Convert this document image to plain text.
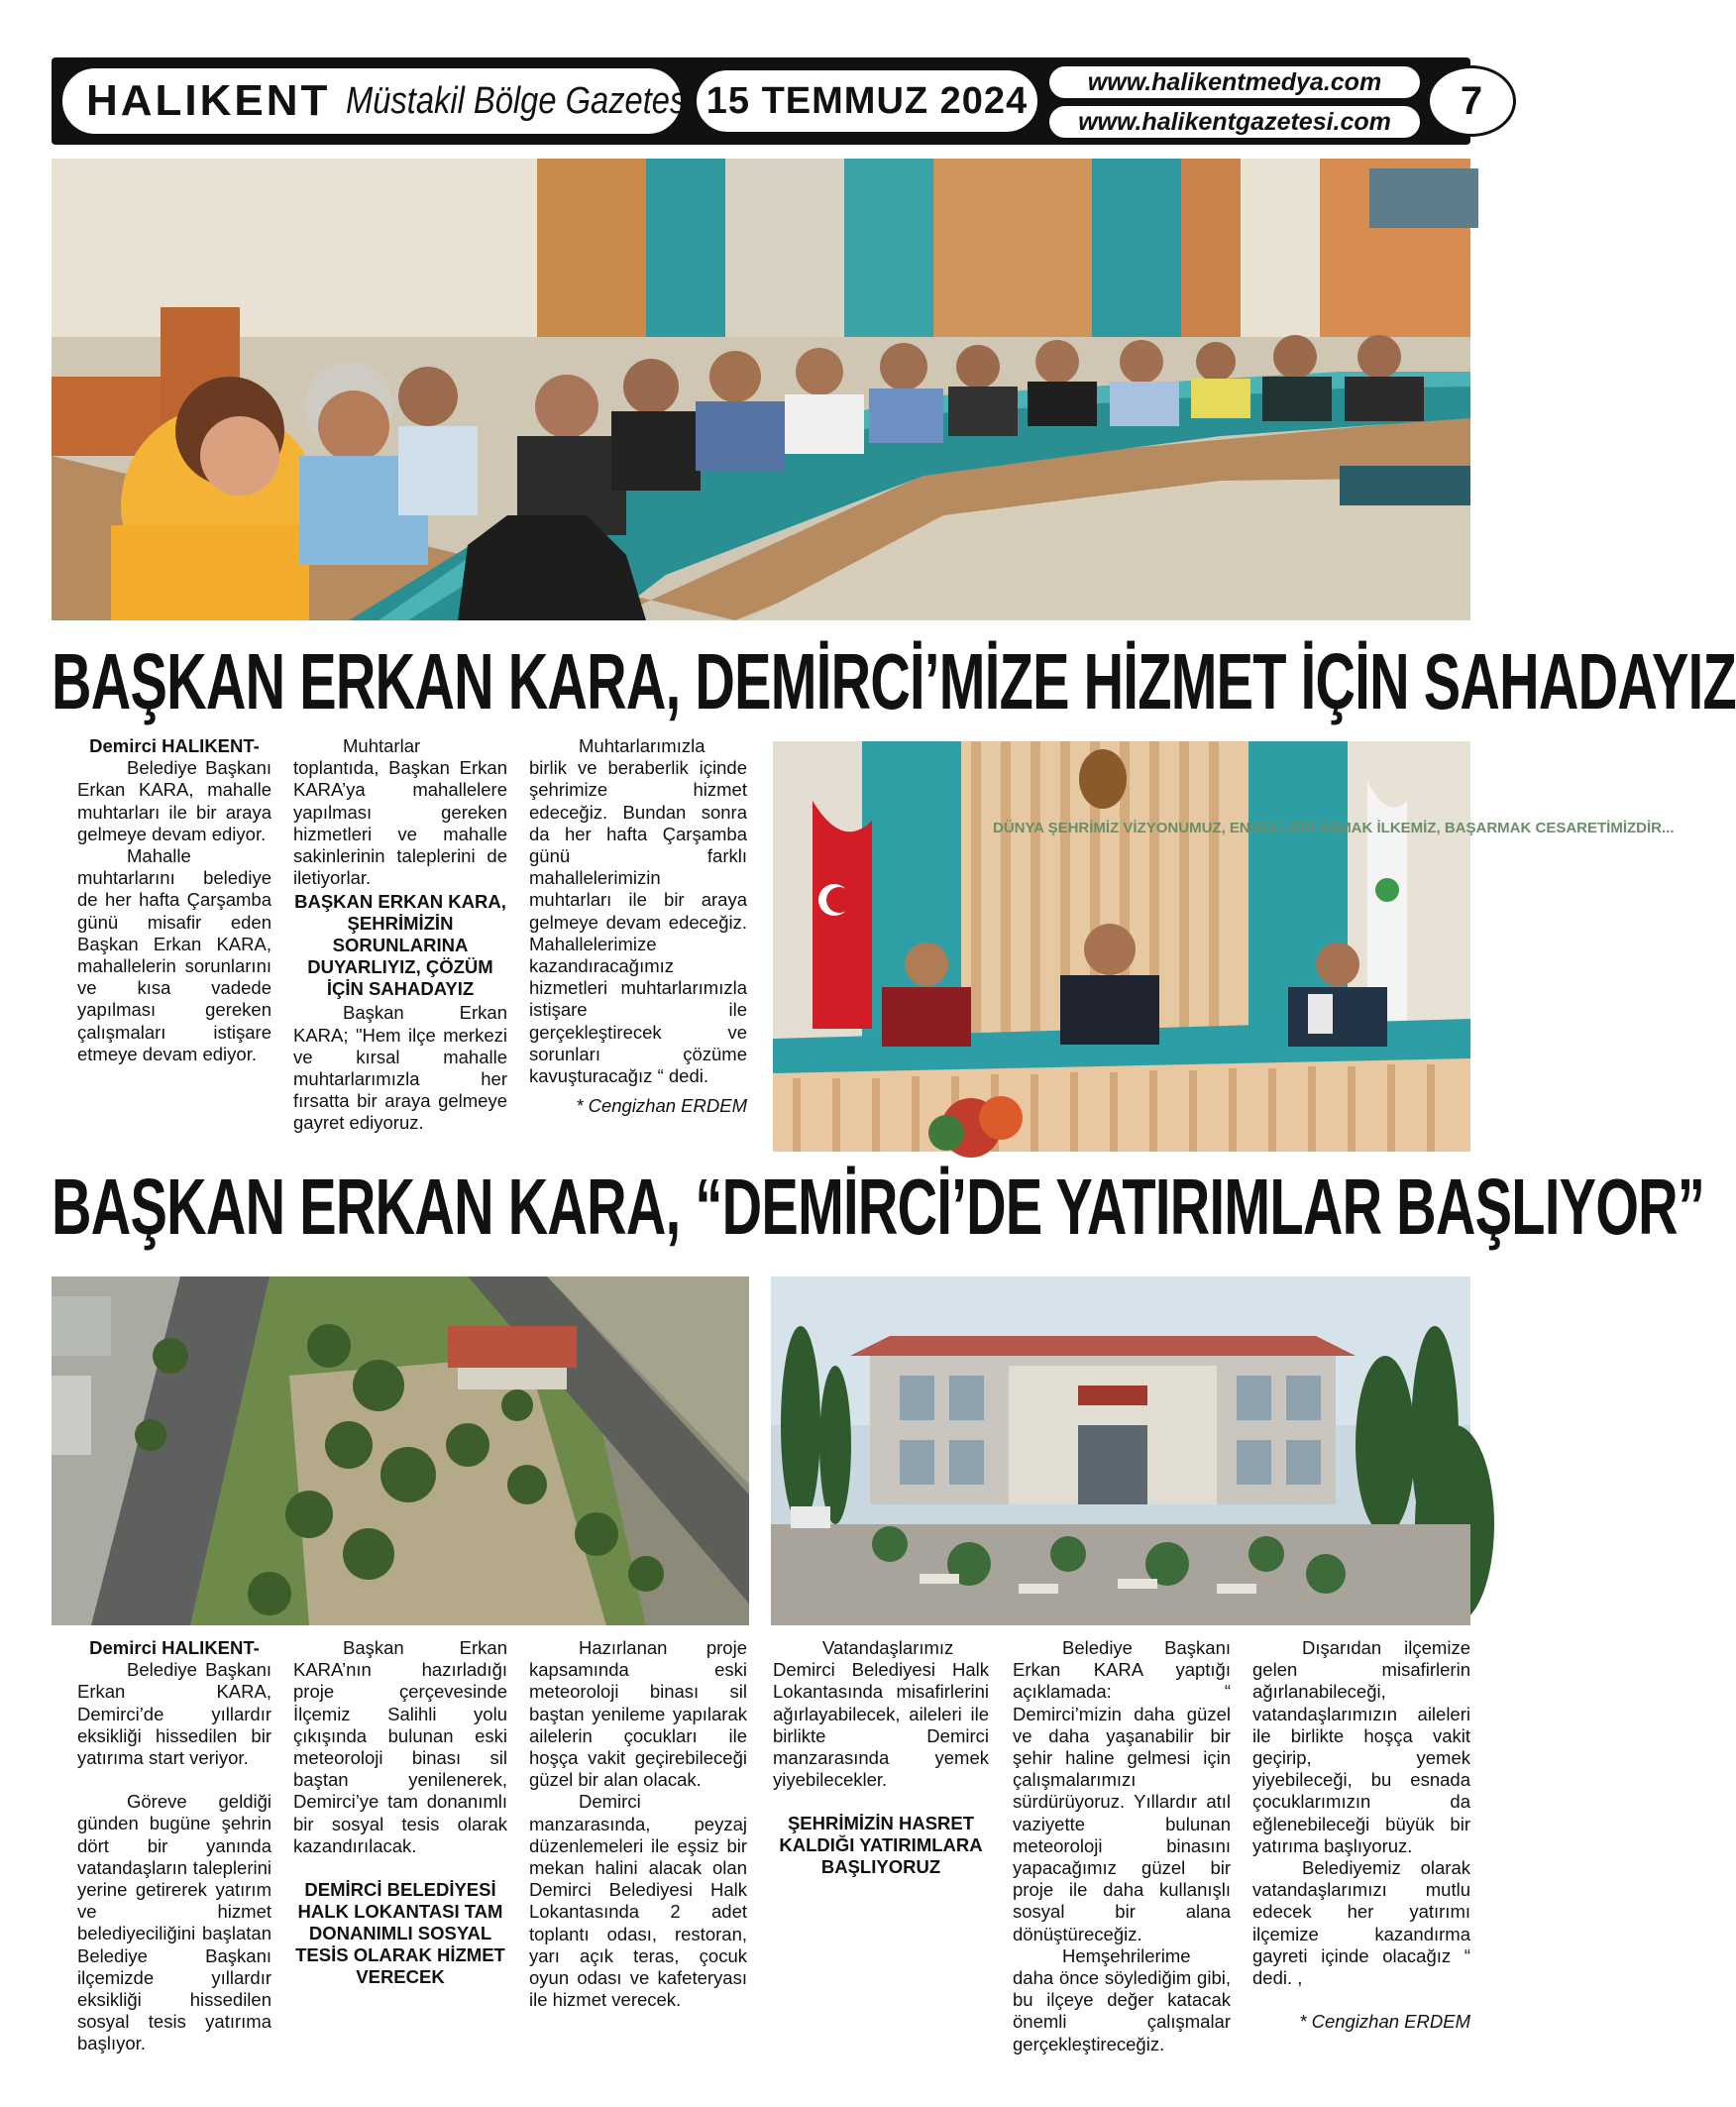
HALIKENT Müstakil Bölge Gazetesi 15 TEMMUZ 2024	www.halikentmedya.com
www.halikentgazetesi.com	7
BAŞKAN ERKAN KARA, DEMİRCİ’MİZE HİZMET İÇİN SAHADAYIZ

Demirci HALIKENT-

Belediye Başkanı Erkan KARA, mahalle muhtarları ile bir araya gelmeye devam ediyor.

Mahalle muhtarlarını belediye de her hafta Çarşamba günü misafir eden Başkan Erkan KARA, mahallelerin sorunlarını ve kısa vadede yapılması gereken çalışmaları istişare etmeye devam ediyor.

Muhtarlar toplantıda, Başkan Erkan KARA’ya mahallelere yapılması gereken hizmetleri ve mahalle sakinlerinin taleplerini de iletiyorlar.

BAŞKAN ERKAN KARA, ŞEHRİMİZİN SORUNLARINA DUYARLIYIZ, ÇÖZÜM İÇİN SAHADAYIZ

Başkan Erkan KARA; "Hem ilçe merkezi ve kırsal mahalle muhtarlarımızla her fırsatta bir araya gelmeye gayret ediyoruz.

Muhtarlarımızla birlik ve beraberlik içinde şehrimize hizmet edeceğiz. Bundan sonra da her hafta Çarşamba günü farklı mahallelerimizin muhtarları ile bir araya gelmeye devam edeceğiz. Mahallelerimize kazandıracağımız hizmetleri muhtarlarımızla istişare ile gerçekleştirecek ve sorunları çözüme kavuşturacağız “ dedi.

* Cengizhan ERDEM

DÜNYA ŞEHRİMİZ VİZYONUMUZ, ENGELLERİ AŞMAK İLKEMİZ, BAŞARMAK CESARETİMİZDİR...
BAŞKAN ERKAN KARA, “DEMİRCİ’DE YATIRIMLAR BAŞLIYOR”

Demirci HALIKENT-

Belediye Başkanı Erkan KARA, Demirci’de yıllardır eksikliği hissedilen bir yatırıma start veriyor.

Göreve geldiği günden bugüne şehrin dört bir yanında vatandaşların taleplerini yerine getirerek yatırım ve hizmet belediyeciliğini başlatan Belediye Başkanı ilçemizde yıllardır eksikliği hissedilen sosyal tesis yatırıma başlıyor.

Başkan Erkan KARA’nın hazırladığı proje çerçevesinde İlçemiz Salihli yolu çıkışında bulunan eski meteoroloji binası sil baştan yenilenerek, Demirci’ye tam donanımlı bir sosyal tesis olarak kazandırılacak.

DEMİRCİ BELEDİYESİ HALK LOKANTASI TAM DONANIMLI SOSYAL TESİS OLARAK HİZMET VERECEK

Hazırlanan proje kapsamında eski meteoroloji binası sil baştan yenileme yapılarak ailelerin çocukları ile hoşça vakit geçirebileceği güzel bir alan olacak.

Demirci manzarasında, peyzaj düzenlemeleri ile eşsiz bir mekan halini alacak olan Demirci Belediyesi Halk Lokantasında 2 adet toplantı odası, restoran, yarı açık teras, çocuk oyun odası ve kafeteryası ile hizmet verecek.

Vatandaşlarımız Demirci Belediyesi Halk Lokantasında misafirlerini ağırlayabilecek, aileleri ile birlikte Demirci manzarasında yemek yiyebilecekler.

ŞEHRİMİZİN HASRET KALDIĞI YATIRIMLARA BAŞLIYORUZ

Belediye Başkanı Erkan KARA yaptığı açıklamada: “ Demirci’mizin daha güzel ve daha yaşanabilir bir şehir haline gelmesi için çalışmalarımızı sürdürüyoruz. Yıllardır atıl vaziyette bulunan meteoroloji binasını yapacağımız güzel bir proje ile daha kullanışlı sosyal bir alana dönüştüreceğiz.

Hemşehrilerime daha önce söylediğim gibi, bu ilçeye değer katacak önemli çalışmalar gerçekleştireceğiz.

Dışarıdan ilçemize gelen misafirlerin ağırlanabileceği, vatandaşlarımızın aileleri ile birlikte hoşça vakit geçirip, yemek yiyebileceği, bu esnada çocuklarımızın da eğlenebileceği büyük bir yatırıma başlıyoruz.

Belediyemiz olarak vatandaşlarımızı mutlu edecek her yatırımı ilçemize kazandırma gayreti içinde olacağız “ dedi. ,

* Cengizhan ERDEM
